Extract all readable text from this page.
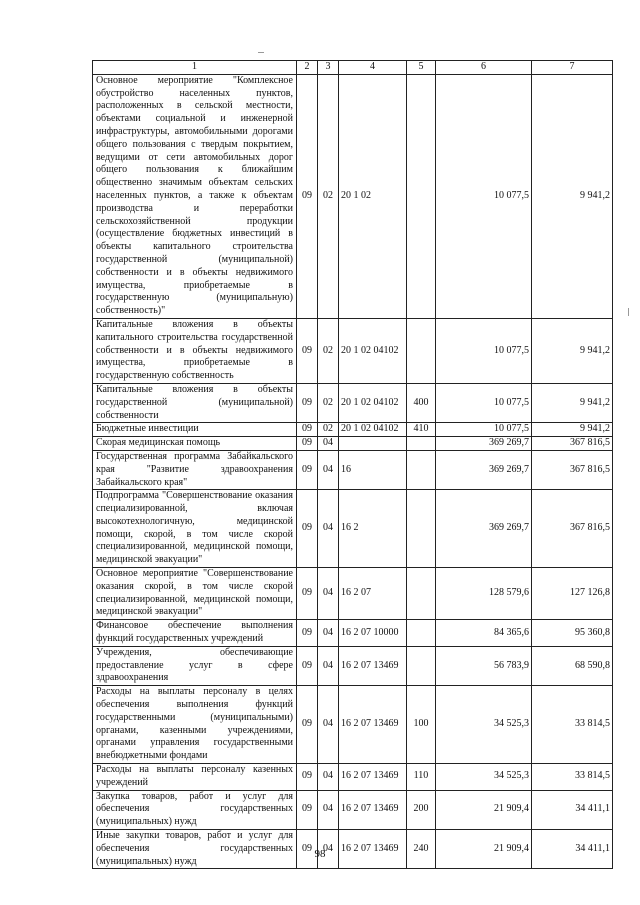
1	2	3	4	5	6	7
Основное мероприятие "Комплексное обустройство населенных пунктов, расположенных в сельской местности, объектами социальной и инженерной инфраструктуры, автомобильными дорогами общего пользования с твердым покрытием, ведущими от сети автомобильных дорог общего пользования к ближайшим общественно значимым объектам сельских населенных пунктов, а также к объектам производства и переработки сельскохозяйственной продукции (осуществление бюджетных инвестиций в объекты капитального строительства государственной (муниципальной) собственности и в объекты недвижимого имущества, приобретаемые в государственную (муниципальную) собственность)"	09	02	20 1 02		10 077,5	9 941,2
Капитальные вложения в объекты капитального строительства государственной собственности и в объекты недвижимого имущества, приобретаемые в государственную собственность	09	02	20 1 02 04102		10 077,5	9 941,2
Капитальные вложения в объекты государственной (муниципальной) собственности	09	02	20 1 02 04102	400	10 077,5	9 941,2
Бюджетные инвестиции	09	02	20 1 02 04102	410	10 077,5	9 941,2
Скорая медицинская помощь	09	04			369 269,7	367 816,5
Государственная программа Забайкальского края "Развитие здравоохранения Забайкальского края"	09	04	16		369 269,7	367 816,5
Подпрограмма "Совершенствование оказания специализированной, включая высокотехнологичную, медицинской помощи, скорой, в том числе скорой специализированной, медицинской помощи, медицинской эвакуации"	09	04	16 2		369 269,7	367 816,5
Основное мероприятие "Совершенствование оказания скорой, в том числе скорой специализированной, медицинской помощи, медицинской эвакуации"	09	04	16 2 07		128 579,6	127 126,8
Финансовое обеспечение выполнения функций государственных учреждений	09	04	16 2 07 10000		84 365,6	95 360,8
Учреждения, обеспечивающие предоставление услуг в сфере здравоохранения	09	04	16 2 07 13469		56 783,9	68 590,8
Расходы на выплаты персоналу в целях обеспечения выполнения функций государственными (муниципальными) органами, казенными учреждениями, органами управления государственными внебюджетными фондами	09	04	16 2 07 13469	100	34 525,3	33 814,5
Расходы на выплаты персоналу казенных учреждений	09	04	16 2 07 13469	110	34 525,3	33 814,5
Закупка товаров, работ и услуг для обеспечения государственных (муниципальных) нужд	09	04	16 2 07 13469	200	21 909,4	34 411,1
Иные закупки товаров, работ и услуг для обеспечения государственных (муниципальных) нужд	09	04	16 2 07 13469	240	21 909,4	34 411,1
98
